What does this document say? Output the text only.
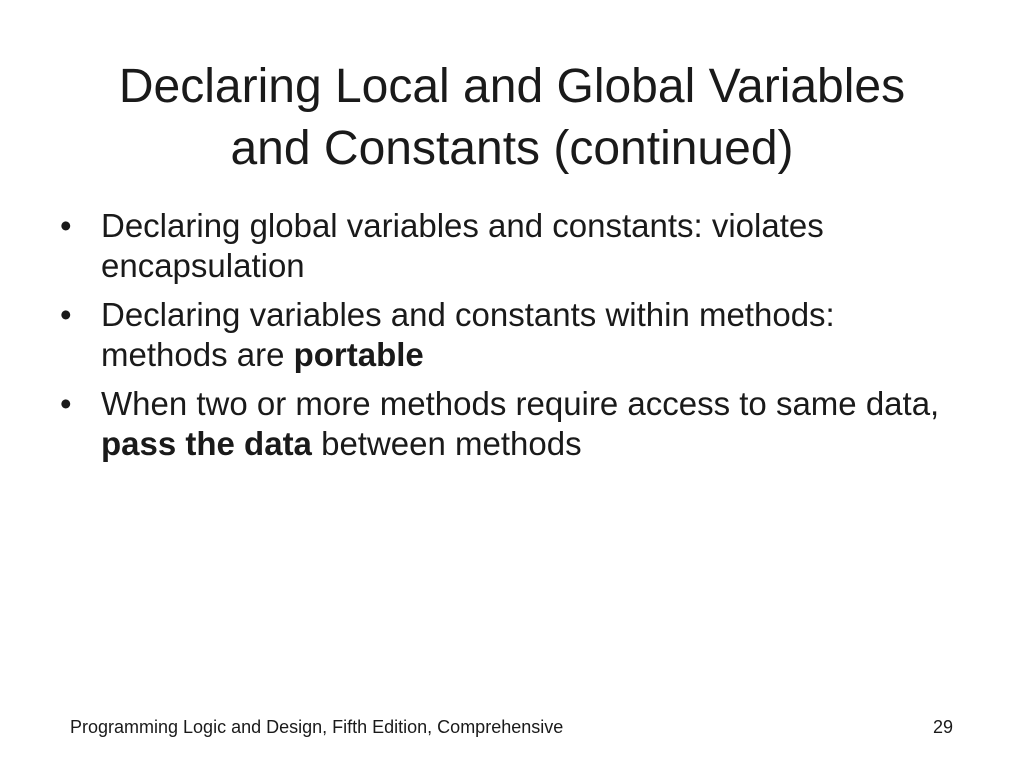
Declaring Local and Global Variables
and Constants (continued)
• Declaring global variables and constants: violates encapsulation
• Declaring variables and constants within methods: methods are portable
• When two or more methods require access to same data, pass the data between methods
Programming Logic and Design, Fifth Edition, Comprehensive	29
